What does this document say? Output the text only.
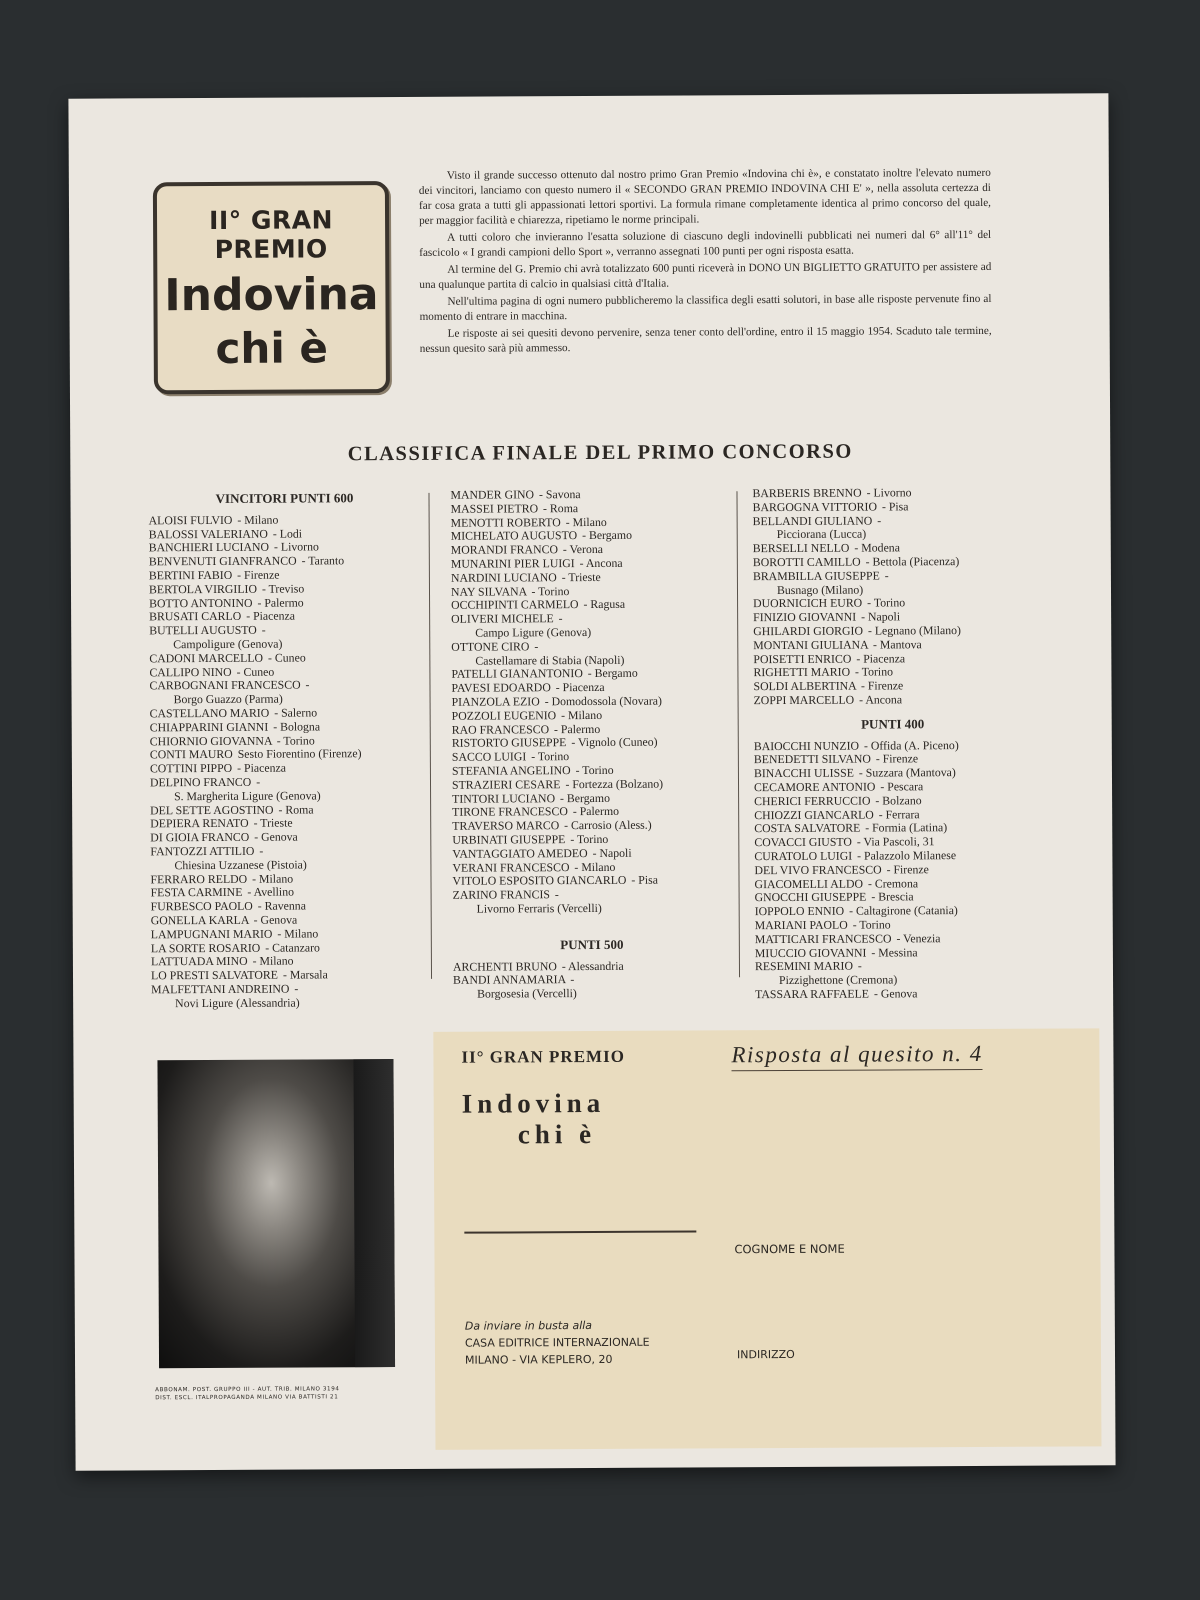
II° GRAN PREMIO
Indovina
chi è

Visto il grande successo ottenuto dal nostro primo Gran Premio «Indovina chi è», e constatato inoltre l'elevato numero dei vincitori, lanciamo con questo numero il « SECONDO GRAN PREMIO INDOVINA CHI E' », nella assoluta certezza di far cosa grata a tutti gli appassionati lettori sportivi. La formula rimane completamente identica al primo concorso del quale, per maggior facilità e chiarezza, ripetiamo le norme principali.

A tutti coloro che invieranno l'esatta soluzione di ciascuno degli indovinelli pubblicati nei numeri dal 6° all'11° del fascicolo « I grandi campioni dello Sport », verranno assegnati 100 punti per ogni risposta esatta.

Al termine del G. Premio chi avrà totalizzato 600 punti riceverà in DONO UN BIGLIETTO GRATUITO per assistere ad una qualunque partita di calcio in qualsiasi città d'Italia.

Nell'ultima pagina di ogni numero pubblicheremo la classifica degli esatti solutori, in base alle risposte pervenute fino al momento di entrare in macchina.

Le risposte ai sei quesiti devono pervenire, senza tener conto dell'ordine, entro il 15 maggio 1954. Scaduto tale termine, nessun quesito sarà più ammesso.

CLASSIFICA FINALE DEL PRIMO CONCORSO
VINCITORI PUNTI 600
ALOISI FULVIO - Milano
BALOSSI VALERIANO - Lodi
BANCHIERI LUCIANO - Livorno
BENVENUTI GIANFRANCO - Taranto
BERTINI FABIO - Firenze
BERTOLA VIRGILIO - Treviso
BOTTO ANTONINO - Palermo
BRUSATI CARLO - Piacenza
BUTELLI AUGUSTO -
Campoligure (Genova)
CADONI MARCELLO - Cuneo
CALLIPO NINO - Cuneo
CARBOGNANI FRANCESCO -
Borgo Guazzo (Parma)
CASTELLANO MARIO - Salerno
CHIAPPARINI GIANNI - Bologna
CHIORNIO GIOVANNA - Torino
CONTI MAURO Sesto Fiorentino (Firenze)
COTTINI PIPPO - Piacenza
DELPINO FRANCO -
S. Margherita Ligure (Genova)
DEL SETTE AGOSTINO - Roma
DEPIERA RENATO - Trieste
DI GIOIA FRANCO - Genova
FANTOZZI ATTILIO -
Chiesina Uzzanese (Pistoia)
FERRARO RELDO - Milano
FESTA CARMINE - Avellino
FURBESCO PAOLO - Ravenna
GONELLA KARLA - Genova
LAMPUGNANI MARIO - Milano
LA SORTE ROSARIO - Catanzaro
LATTUADA MINO - Milano
LO PRESTI SALVATORE - Marsala
MALFETTANI ANDREINO -
Novi Ligure (Alessandria)
MANDER GINO - Savona
MASSEI PIETRO - Roma
MENOTTI ROBERTO - Milano
MICHELATO AUGUSTO - Bergamo
MORANDI FRANCO - Verona
MUNARINI PIER LUIGI - Ancona
NARDINI LUCIANO - Trieste
NAY SILVANA - Torino
OCCHIPINTI CARMELO - Ragusa
OLIVERI MICHELE -
Campo Ligure (Genova)
OTTONE CIRO -
Castellamare di Stabia (Napoli)
PATELLI GIANANTONIO - Bergamo
PAVESI EDOARDO - Piacenza
PIANZOLA EZIO - Domodossola (Novara)
POZZOLI EUGENIO - Milano
RAO FRANCESCO - Palermo
RISTORTO GIUSEPPE - Vignolo (Cuneo)
SACCO LUIGI - Torino
STEFANIA ANGELINO - Torino
STRAZIERI CESARE - Fortezza (Bolzano)
TINTORI LUCIANO - Bergamo
TIRONE FRANCESCO - Palermo
TRAVERSO MARCO - Carrosio (Aless.)
URBINATI GIUSEPPE - Torino
VANTAGGIATO AMEDEO - Napoli
VERANI FRANCESCO - Milano
VITOLO ESPOSITO GIANCARLO - Pisa
ZARINO FRANCIS -
Livorno Ferraris (Vercelli)
PUNTI 500
ARCHENTI BRUNO - Alessandria
BANDI ANNAMARIA -
Borgosesia (Vercelli)
BARBERIS BRENNO - Livorno
BARGOGNA VITTORIO - Pisa
BELLANDI GIULIANO -
Picciorana (Lucca)
BERSELLI NELLO - Modena
BOROTTI CAMILLO - Bettola (Piacenza)
BRAMBILLA GIUSEPPE -
Busnago (Milano)
DUORNICICH EURO - Torino
FINIZIO GIOVANNI - Napoli
GHILARDI GIORGIO - Legnano (Milano)
MONTANI GIULIANA - Mantova
POISETTI ENRICO - Piacenza
RIGHETTI MARIO - Torino
SOLDI ALBERTINA - Firenze
ZOPPI MARCELLO - Ancona
PUNTI 400
BAIOCCHI NUNZIO - Offida (A. Piceno)
BENEDETTI SILVANO - Firenze
BINACCHI ULISSE - Suzzara (Mantova)
CECAMORE ANTONIO - Pescara
CHERICI FERRUCCIO - Bolzano
CHIOZZI GIANCARLO - Ferrara
COSTA SALVATORE - Formia (Latina)
COVACCI GIUSTO - Via Pascoli, 31
CURATOLO LUIGI - Palazzolo Milanese
DEL VIVO FRANCESCO - Firenze
GIACOMELLI ALDO - Cremona
GNOCCHI GIUSEPPE - Brescia
IOPPOLO ENNIO - Caltagirone (Catania)
MARIANI PAOLO - Torino
MATTICARI FRANCESCO - Venezia
MIUCCIO GIOVANNI - Messina
RESEMINI MARIO -
Pizzighettone (Cremona)
TASSARA RAFFAELE - Genova
ABBONAM. POST. GRUPPO III - AUT. TRIB. MILANO 3194
DIST. ESCL. ITALPROPAGANDA MILANO VIA BATTISTI 21
II° GRAN PREMIO
Indovina
chi è
Risposta al quesito n. 4
COGNOME E NOME
INDIRIZZO
Da inviare in busta alla
CASA EDITRICE INTERNAZIONALE
MILANO - VIA KEPLERO, 20
